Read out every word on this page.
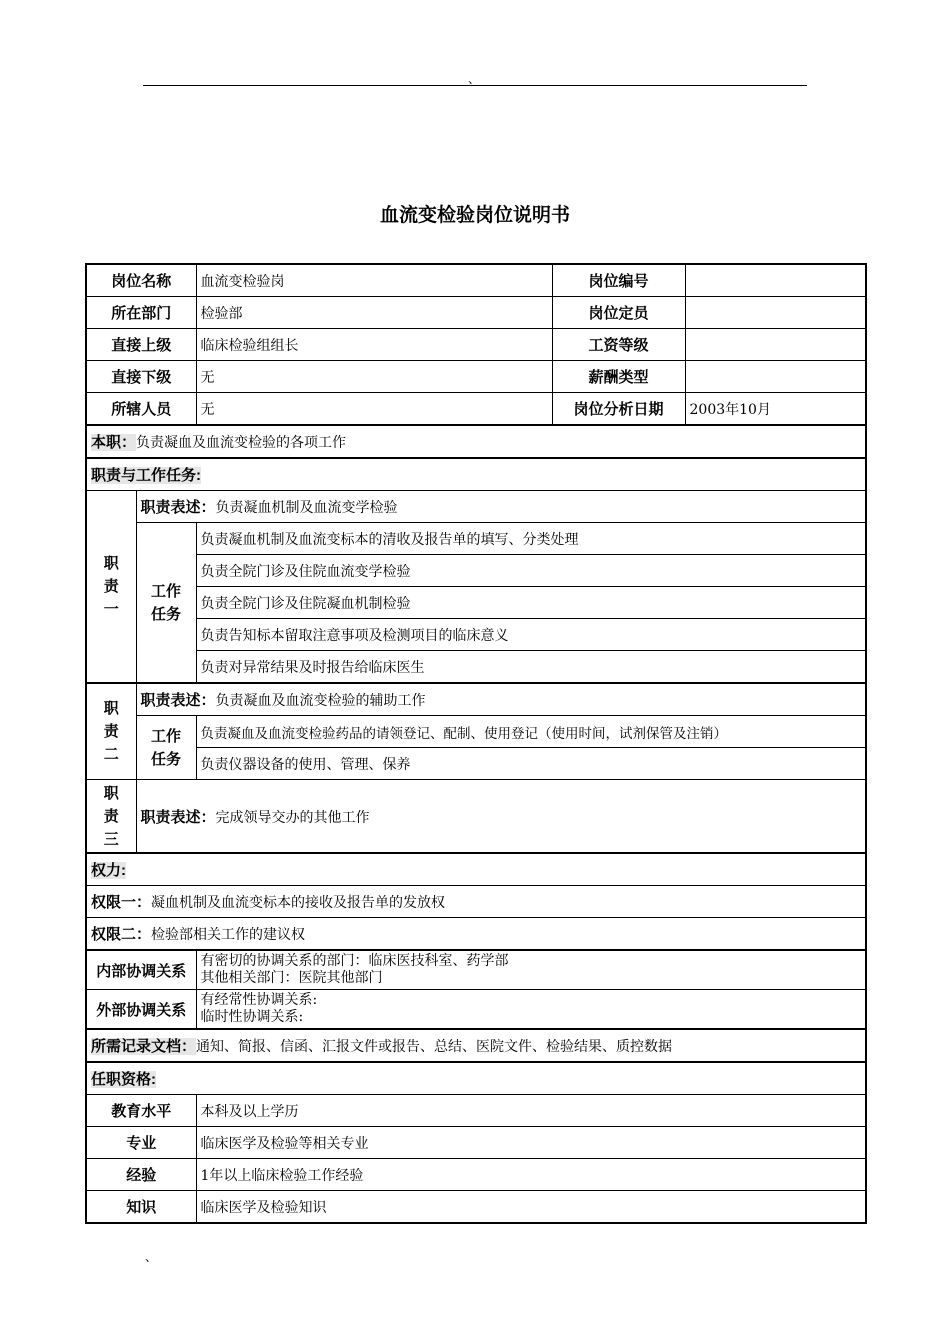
、
血流变检验岗位说明书
岗位名称		血流变检验岗	岗位编号	
所在部门		检验部	岗位定员	
直接上级		临床检验组组长	工资等级	
直接下级		无	薪酬类型	
所辖人员		无	岗位分析日期	2003年10月
本职：负责凝血及血流变检验的各项工作				
职责与工作任务:				

职责一	职责表述：负责凝血机制及血流变学检验			

	工作任务	负责凝血机制及血流变标本的清收及报告单的填写、分类处理		
		负责全院门诊及住院血流变学检验		
		负责全院门诊及住院凝血机制检验		
		负责告知标本留取注意事项及检测项目的临床意义		
		负责对异常结果及时报告给临床医生		

职责二	职责表述：负责凝血及血流变检验的辅助工作			

	工作任务	负责凝血及血流变检验药品的请领登记、配制、使用登记（使用时间，试剂保管及注销）		
		负责仪器设备的使用、管理、保养		

职责三	职责表述：完成领导交办的其他工作			
权力:				
权限一：凝血机制及血流变标本的接收及报告单的发放权				
权限二：检验部相关工作的建议权				
内部协调关系		有密切的协调关系的部门：临床医技科室、药学部
其他相关部门：医院其他部门		

外部协调关系		有经常性协调关系:
临时性协调关系:		

所需记录文档：通知、简报、信函、汇报文件或报告、总结、医院文件、检验结果、质控数据				
任职资格:				
教育水平		本科及以上学历		
专业		临床医学及检验等相关专业		
经验		1年以上临床检验工作经验		
知识		临床医学及检验知识		
、
